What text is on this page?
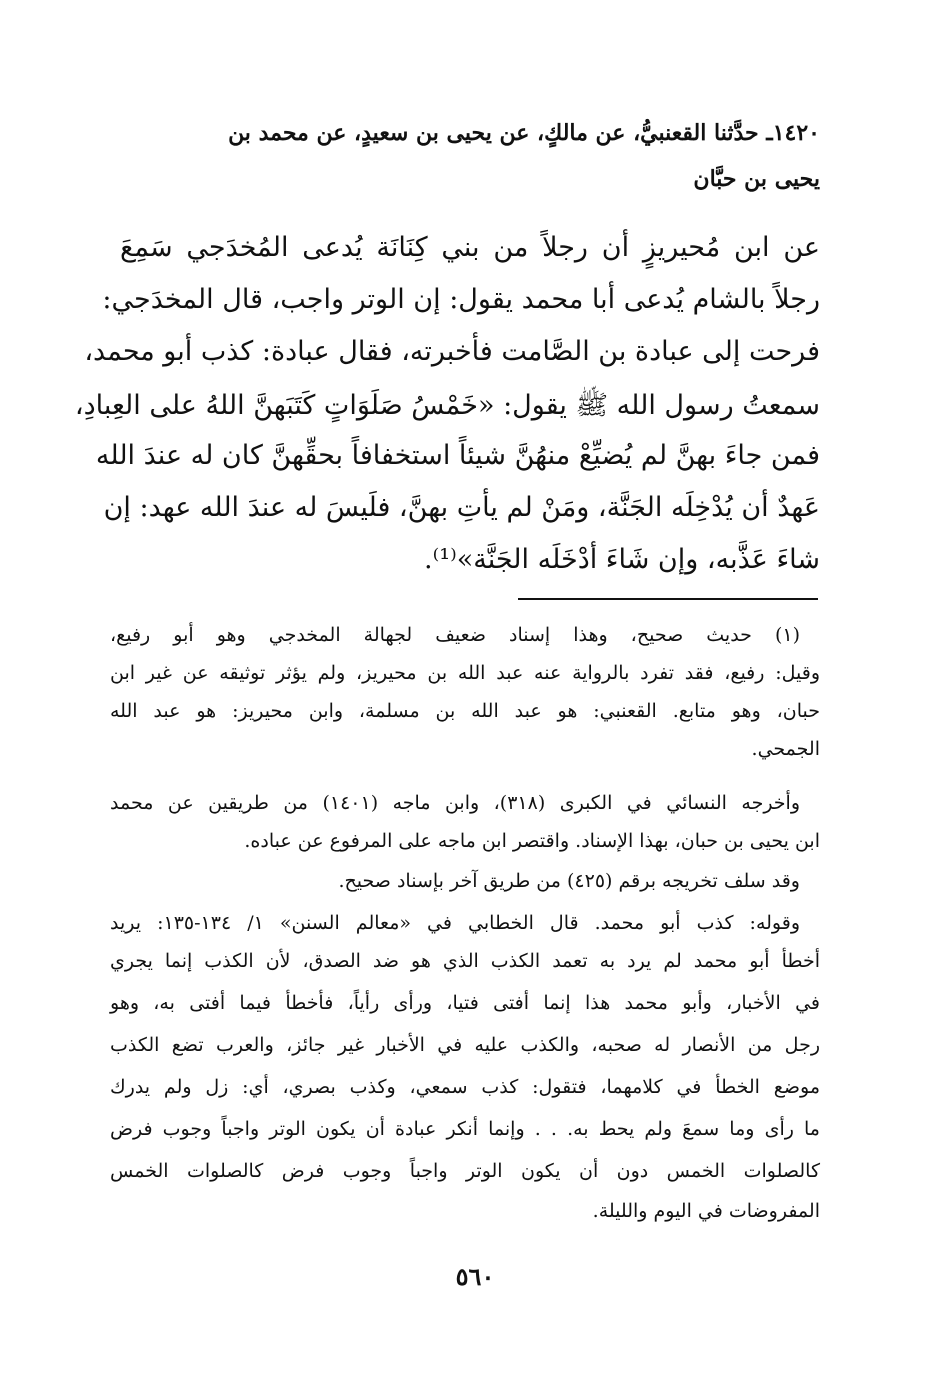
١٤٢٠ـ حدَّثنا القعنبيُّ، عن مالكٍ، عن يحيى بن سعيدٍ، عن محمد بن
يحيى بن حبَّان
عن ابن مُحيريزٍ أن رجلاً من بني كِنَانَة يُدعى المُخدَجي سَمِعَ
رجلاً بالشام يُدعى أبا محمد يقول: إن الوتر واجب، قال المخدَجي:
فرحت إلى عبادة بن الصَّامت فأخبرته، فقال عبادة: كذب أبو محمد،
سمعتُ رسول الله ﷺ يقول: «خَمْسُ صَلَوَاتٍ كَتَبَهنَّ اللهُ على العِبادِ،
فمن جاءَ بهنَّ لم يُضيِّعْ منهُنَّ شيئاً استخفافاً بحقِّهنَّ كان له عندَ الله
عَهدٌ أن يُدْخِلَه الجَنَّة، ومَنْ لم يأتِ بهنَّ، فلَيسَ له عندَ الله عهد: إن
شاءَ عَذَّبه، وإن شَاءَ أدْخَلَه الجَنَّة»⁽¹⁾.
(١) حديث صحيح، وهذا إسناد ضعيف لجهالة المخدجي وهو أبو رفيع،
وقيل: رفيع، فقد تفرد بالرواية عنه عبد الله بن محيريز، ولم يؤثر توثيقه عن غير ابن
حبان، وهو متابع. القعنبي: هو عبد الله بن مسلمة، وابن محيريز: هو عبد الله
الجمحي.
وأخرجه النسائي في الكبرى (٣١٨)، وابن ماجه (١٤٠١) من طريقين عن محمد
ابن يحيى بن حبان، بهذا الإسناد. واقتصر ابن ماجه على المرفوع عن عباده.
وقد سلف تخريجه برقم (٤٢٥) من طريق آخر بإسناد صحيح.
وقوله: كذب أبو محمد. قال الخطابي في «معالم السنن» ١/ ١٣٤-١٣٥: يريد
أخطأ أبو محمد لم يرد به تعمد الكذب الذي هو ضد الصدق، لأن الكذب إنما يجري
في الأخبار، وأبو محمد هذا إنما أفتى فتيا، ورأى رأياً، فأخطأ فيما أفتى به، وهو
رجل من الأنصار له صحبه، والكذب عليه في الأخبار غير جائز، والعرب تضع الكذب
موضع الخطأ في كلامهما، فتقول: كذب سمعي، وكذب بصري، أي: زل ولم يدرك
ما رأى وما سمعَ ولم يحط به. . . وإنما أنكر عبادة أن يكون الوتر واجباً وجوب فرض
كالصلوات الخمس دون أن يكون الوتر واجباً وجوب فرض كالصلوات الخمس
المفروضات في اليوم والليلة.
٥٦٠
